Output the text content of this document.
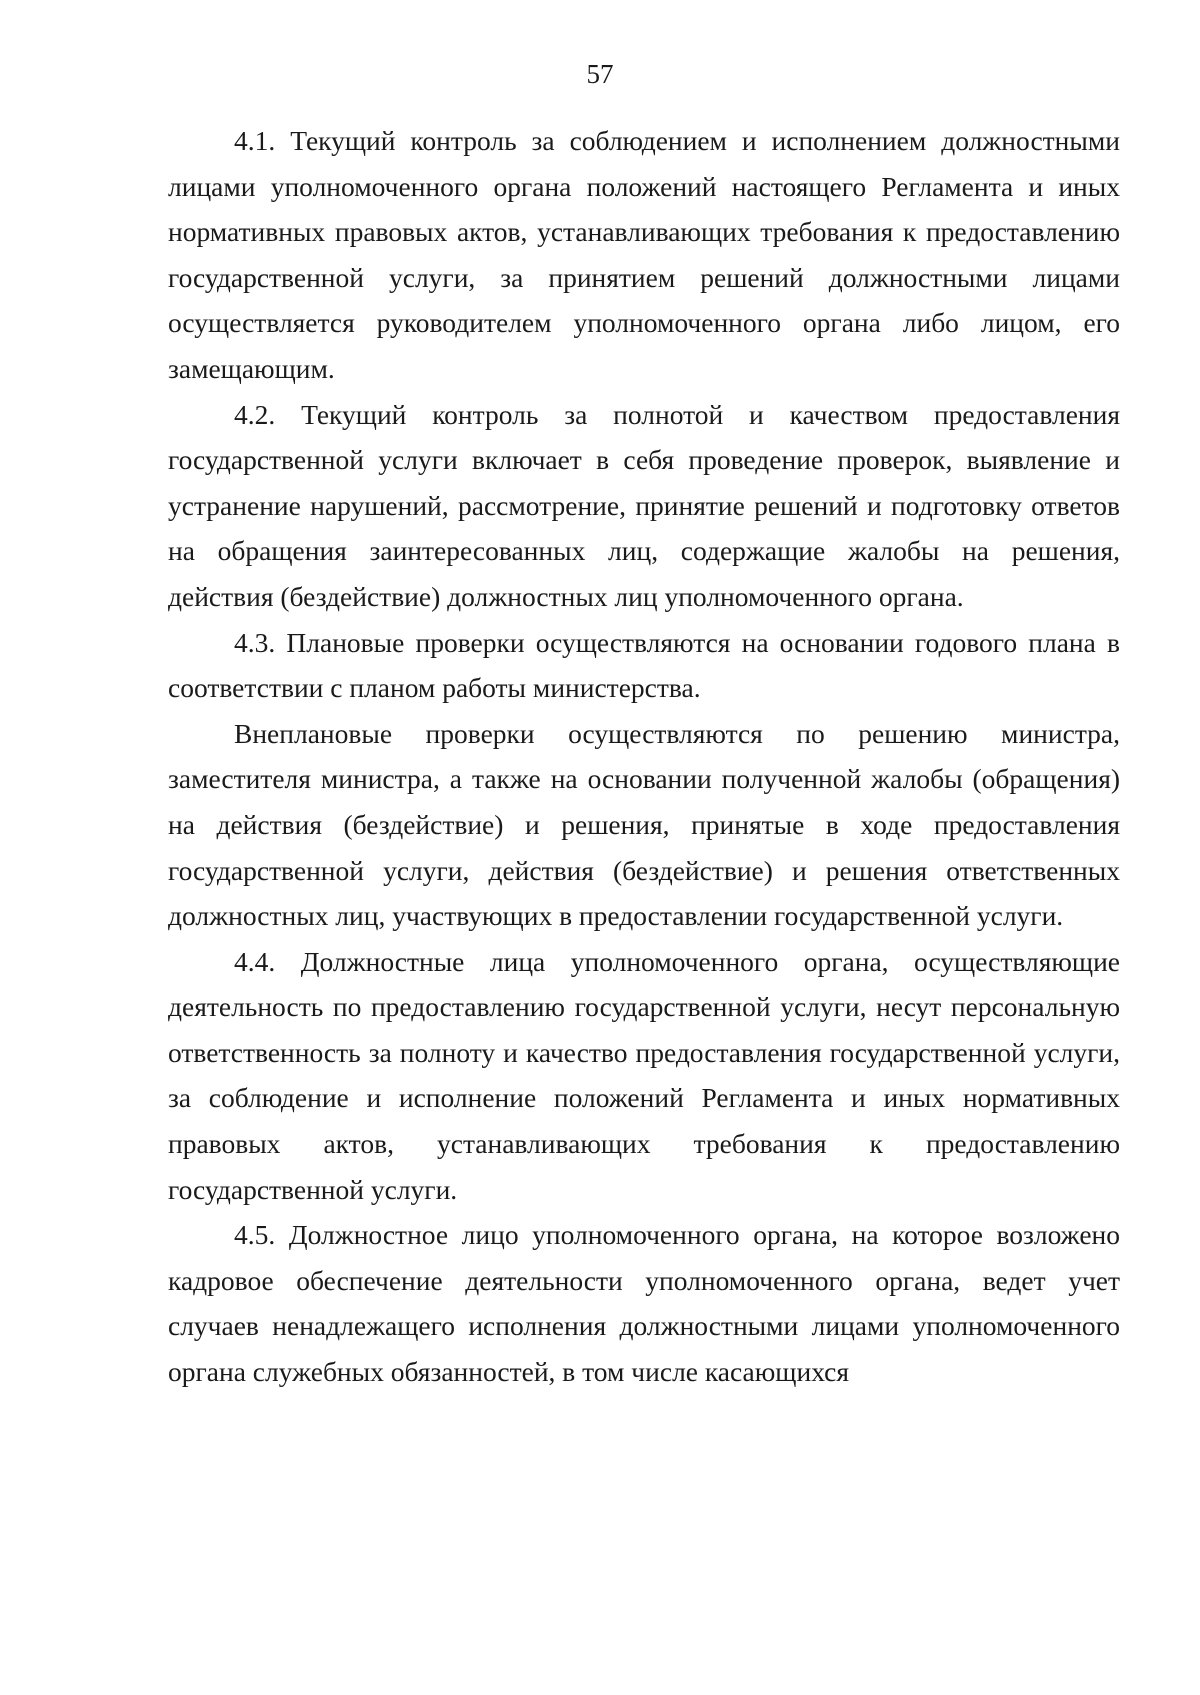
57

4.1. Текущий контроль за соблюдением и исполнением должностными лицами уполномоченного органа положений настоящего Регламента и иных нормативных правовых актов, устанавливающих требования к предоставлению государственной услуги, за принятием решений должностными лицами осуществляется руководителем уполномоченного органа либо лицом, его замещающим.

4.2. Текущий контроль за полнотой и качеством предоставления государственной услуги включает в себя проведение проверок, выявление и устранение нарушений, рассмотрение, принятие решений и подготовку ответов на обращения заинтересованных лиц, содержащие жалобы на решения, действия (бездействие) должностных лиц уполномоченного органа.

4.3. Плановые проверки осуществляются на основании годового плана в соответствии с планом работы министерства.

Внеплановые проверки осуществляются по решению министра, заместителя министра, а также на основании полученной жалобы (обращения) на действия (бездействие) и решения, принятые в ходе предоставления государственной услуги, действия (бездействие) и решения ответственных должностных лиц, участвующих в предоставлении государственной услуги.

4.4. Должностные лица уполномоченного органа, осуществляющие деятельность по предоставлению государственной услуги, несут персональную ответственность за полноту и качество предоставления государственной услуги, за соблюдение и исполнение положений Регламента и иных нормативных правовых актов, устанавливающих требования к предоставлению государственной услуги.

4.5. Должностное лицо уполномоченного органа, на которое возложено кадровое обеспечение деятельности уполномоченного органа, ведет учет случаев ненадлежащего исполнения должностными лицами уполномоченного органа служебных обязанностей, в том числе касающихся
